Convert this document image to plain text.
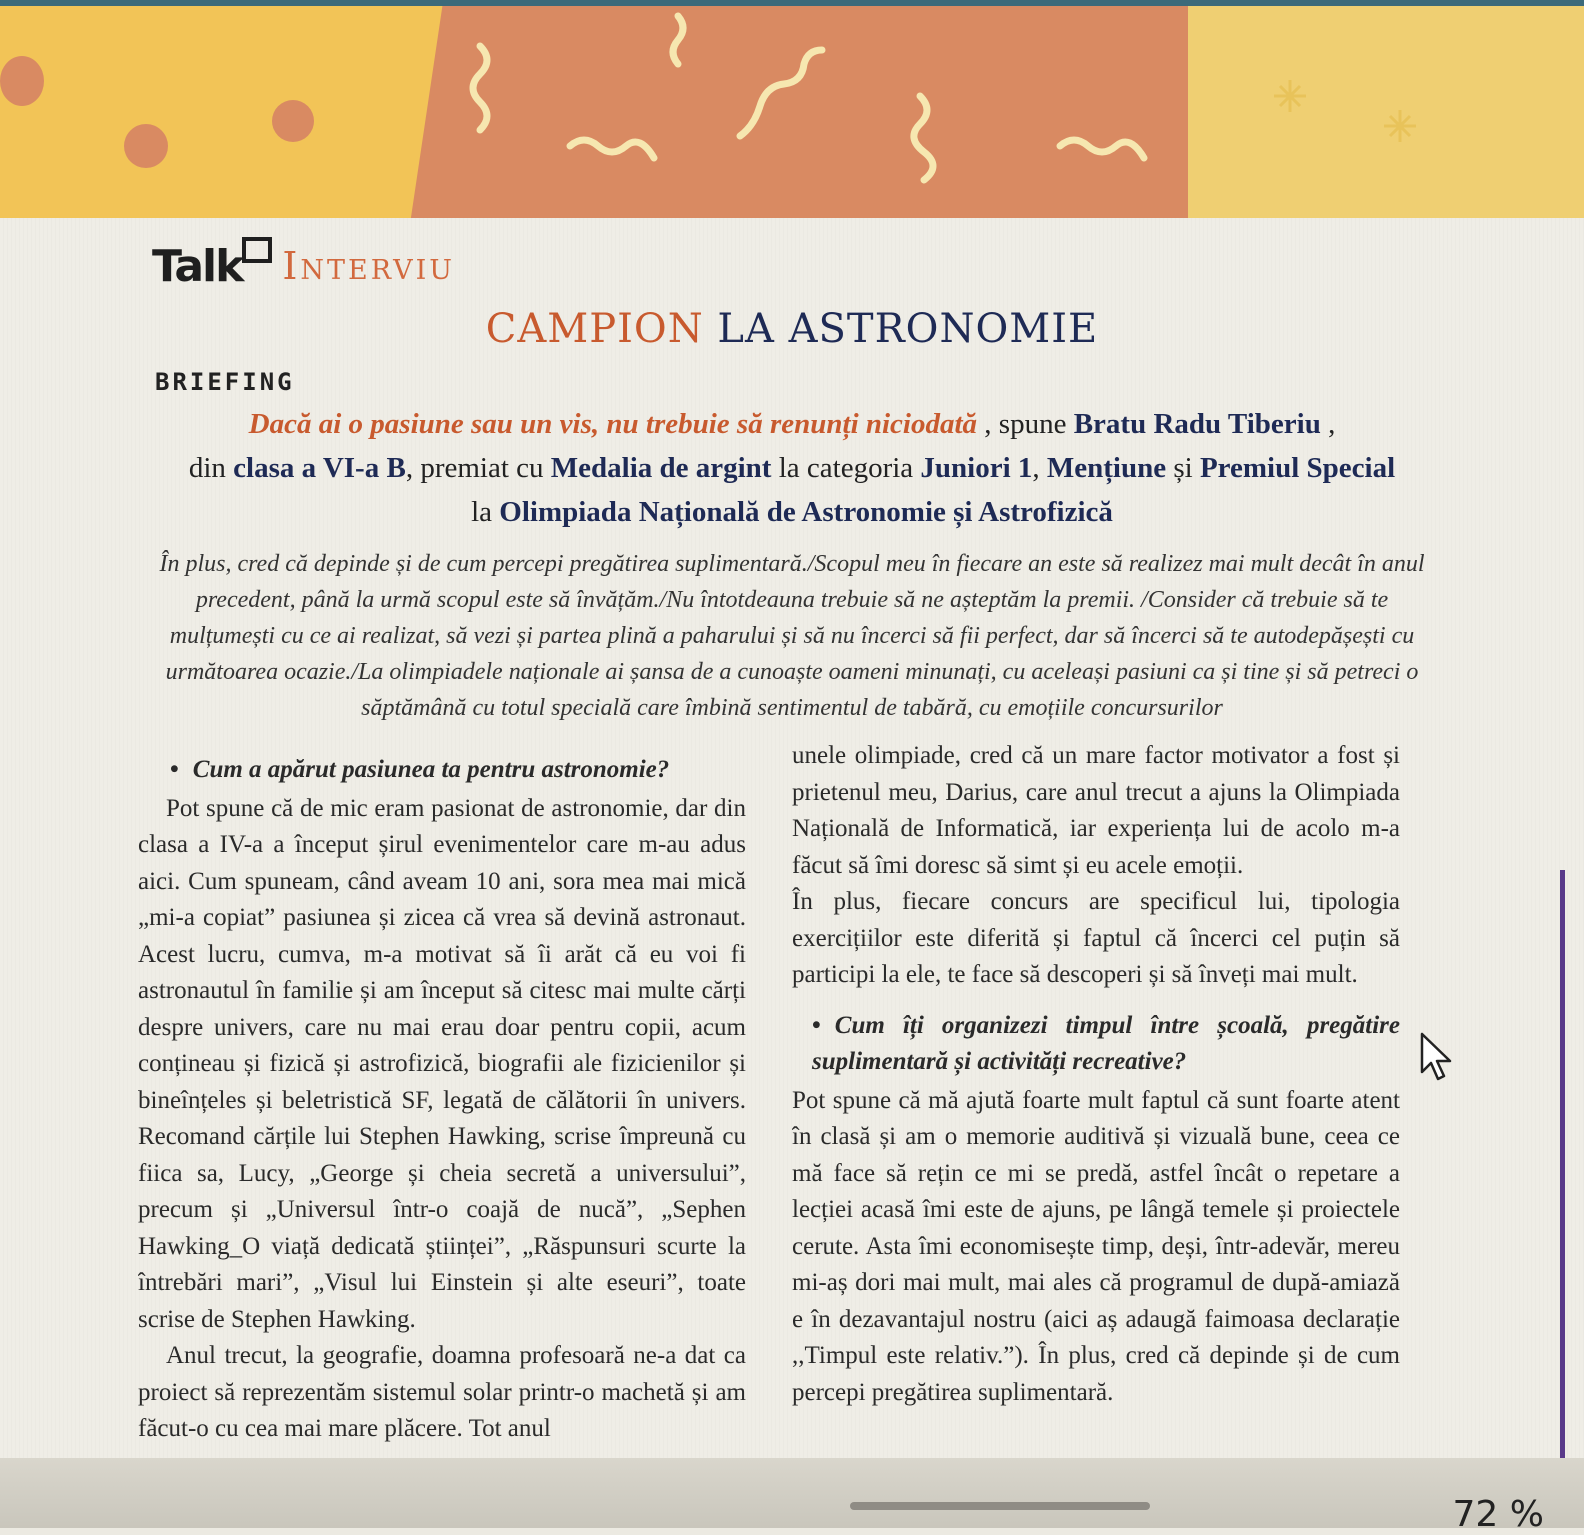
Talk Interviu
CAMPION LA ASTRONOMIE
BRIEFING
Dacă ai o pasiune sau un vis, nu trebuie să renunți niciodată , spune Bratu Radu Tiberiu ,
din clasa a VI-a B, premiat cu Medalia de argint la categoria Juniori 1, Mențiune și Premiul Special
la Olimpiada Națională de Astronomie și Astrofizică
În plus, cred că depinde și de cum percepi pregătirea suplimentară./Scopul meu în fiecare an este să realizez mai mult decât în anul precedent, până la urmă scopul este să învățăm./Nu întotdeauna trebuie să ne așteptăm la premii. /Consider că trebuie să te mulțumești cu ce ai realizat, să vezi și partea plină a paharului și să nu încerci să fii perfect, dar să încerci să te autodepășești cu următoarea ocazie./La olimpiadele naționale ai șansa de a cunoaște oameni minunați, cu aceleași pasiuni ca și tine și să petreci o săptămână cu totul specială care îmbină sentimentul de tabără, cu emoțiile concursurilor

• Cum a apărut pasiunea ta pentru astronomie?

Pot spune că de mic eram pasionat de astronomie, dar din clasa a IV-a a început șirul evenimentelor care m-au adus aici. Cum spuneam, când aveam 10 ani, sora mea mai mică „mi-a copiat” pasiunea și zicea că vrea să devină astronaut. Acest lucru, cumva, m-a motivat să îi arăt că eu voi fi astronautul în familie și am început să citesc mai multe cărți despre univers, care nu mai erau doar pentru copii, acum conțineau și fizică și astrofizică, biografii ale fizicienilor și bineînțeles și beletristică SF, legată de călătorii în univers. Recomand cărțile lui Stephen Hawking, scrise împreună cu fiica sa, Lucy, „George și cheia secretă a universului”, precum și „Universul într-o coajă de nucă”, „Sephen Hawking_O viață dedicată științei”, „Răspunsuri scurte la întrebări mari”, „Visul lui Einstein și alte eseuri”, toate scrise de Stephen Hawking.

Anul trecut, la geografie, doamna profesoară ne-a dat ca proiect să reprezentăm sistemul solar printr-o machetă și am făcut-o cu cea mai mare plăcere. Tot anul

unele olimpiade, cred că un mare factor motivator a fost și prietenul meu, Darius, care anul trecut a ajuns la Olimpiada Națională de Informatică, iar experiența lui de acolo m-a făcut să îmi doresc să simt și eu acele emoții.

În plus, fiecare concurs are specificul lui, tipologia exercițiilor este diferită și faptul că încerci cel puțin să participi la ele, te face să descoperi și să înveți mai mult.

• Cum îți organizezi timpul între școală, pregătire suplimentară și activități recreative?

Pot spune că mă ajută foarte mult faptul că sunt foarte atent în clasă și am o memorie auditivă și vizuală bune, ceea ce mă face să rețin ce mi se predă, astfel încât o repetare a lecției acasă îmi este de ajuns, pe lângă temele și proiectele cerute. Asta îmi economisește timp, deși, într-adevăr, mereu mi-aș dori mai mult, mai ales că programul de după-amiază e în dezavantajul nostru (aici aș adaugă faimoasa declarație ,,Timpul este relativ.”). În plus, cred că depinde și de cum percepi pregătirea suplimentară.

72 %
